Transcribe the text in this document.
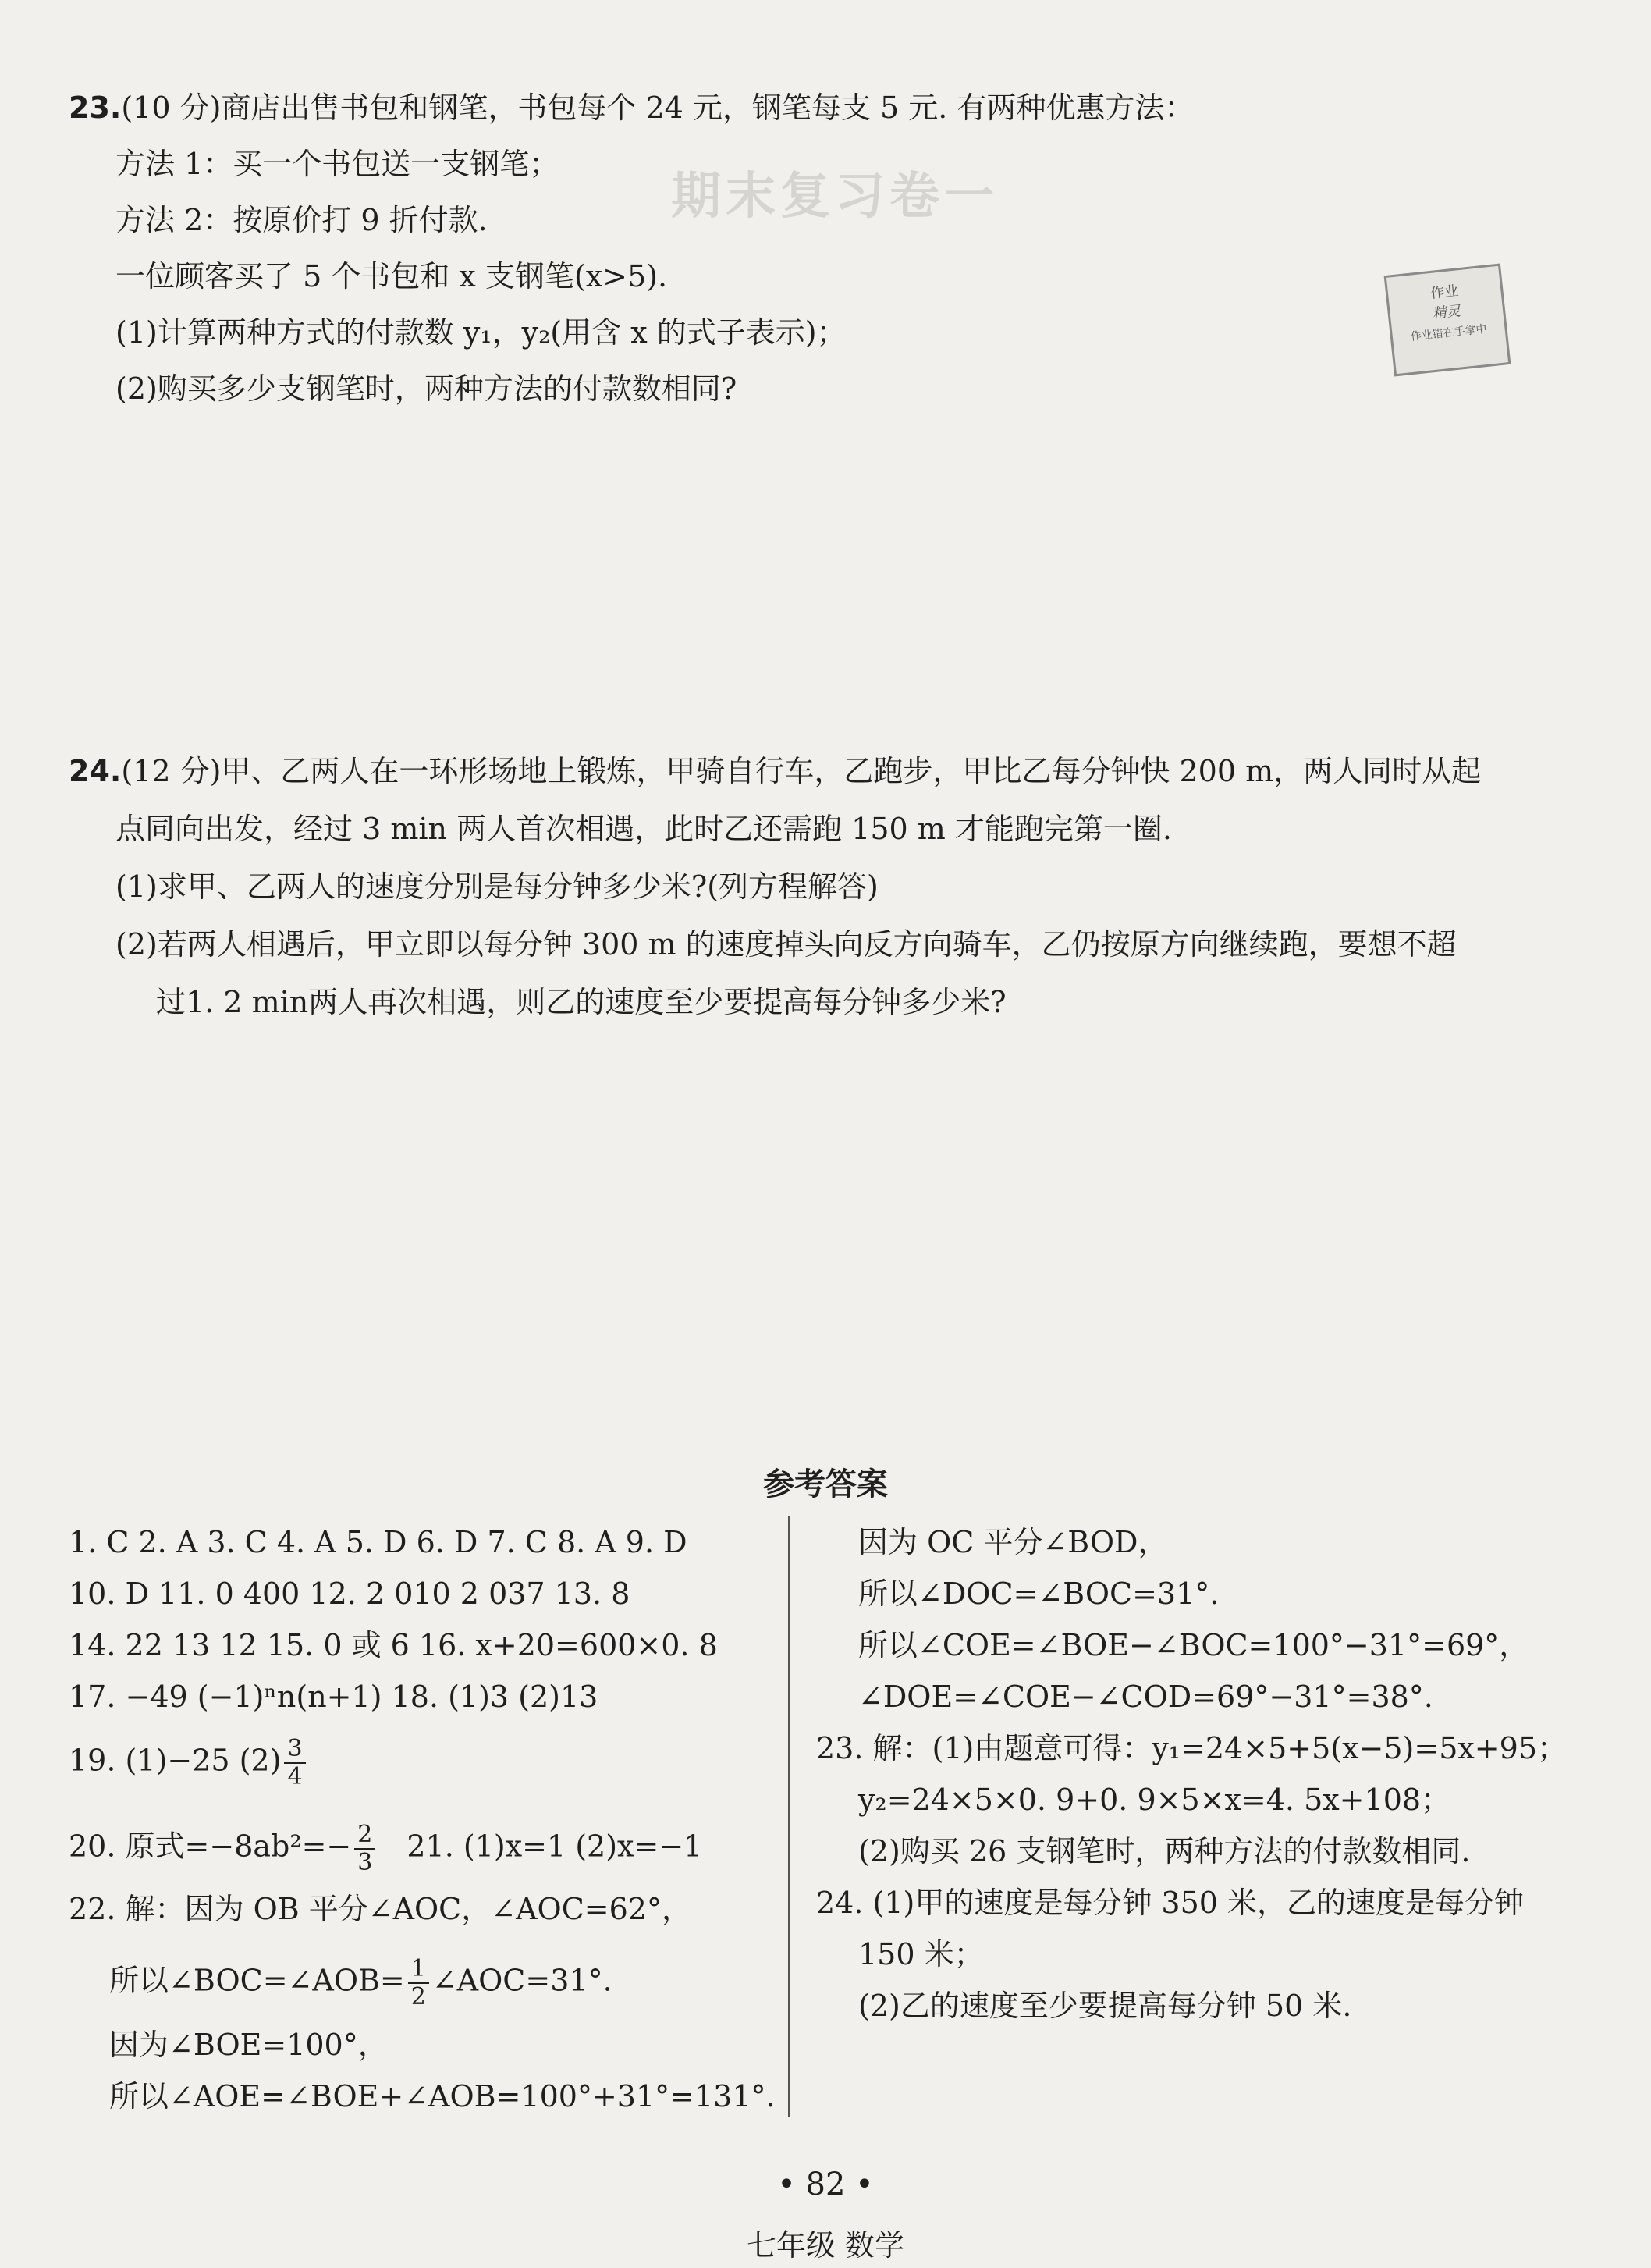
期末复习卷一
23.(10 分)商店出售书包和钢笔，书包每个 24 元，钢笔每支 5 元. 有两种优惠方法：
方法 1：买一个书包送一支钢笔；
方法 2：按原价打 9 折付款.
一位顾客买了 5 个书包和 x 支钢笔(x>5).
(1)计算两种方式的付款数 y₁，y₂(用含 x 的式子表示)；
(2)购买多少支钢笔时，两种方法的付款数相同?
作业
精灵
作业错在手掌中
24.(12 分)甲、乙两人在一环形场地上锻炼，甲骑自行车，乙跑步，甲比乙每分钟快 200 m，两人同时从起
点同向出发，经过 3 min 两人首次相遇，此时乙还需跑 150 m 才能跑完第一圈.
(1)求甲、乙两人的速度分别是每分钟多少米?(列方程解答)
(2)若两人相遇后，甲立即以每分钟 300 m 的速度掉头向反方向骑车，乙仍按原方向继续跑，要想不超
过1. 2 min两人再次相遇，则乙的速度至少要提高每分钟多少米?
参考答案
1. C 2. A 3. C 4. A 5. D 6. D 7. C 8. A 9. D
10. D 11. 0 400 12. 2 010 2 037 13. 8
14. 22 13 12 15. 0 或 6 16. x+20=600×0. 8
17. −49 (−1)ⁿn(n+1) 18. (1)3 (2)13
19. (1)−25 $(2) \frac{3}{4}$
20. 原式$=-8ab^2=- \frac{2}{3} 21$. (1)x=1 (2)x=−1
22. 解：因为 OB 平分∠AOC，∠AOC=62°，
所以∠BOC=∠AOB= $\frac{1}{2}$ ∠AOC=31°.
因为∠BOE=100°，
所以∠AOE=∠BOE+∠AOB=100°+31°=131°.
因为 OC 平分∠BOD，
所以∠DOC=∠BOC=31°.
所以∠COE=∠BOE−∠BOC=100°−31°=69°，
∠DOE=∠COE−∠COD=69°−31°=38°.
23. 解：(1)由题意可得：y₁=24×5+5(x−5)=5x+95；
y₂=24×5×0. 9+0. 9×5×x=4. 5x+108；
(2)购买 26 支钢笔时，两种方法的付款数相同.
24. (1)甲的速度是每分钟 350 米，乙的速度是每分钟
150 米；
(2)乙的速度至少要提高每分钟 50 米.
• 82 •
七年级 数学
